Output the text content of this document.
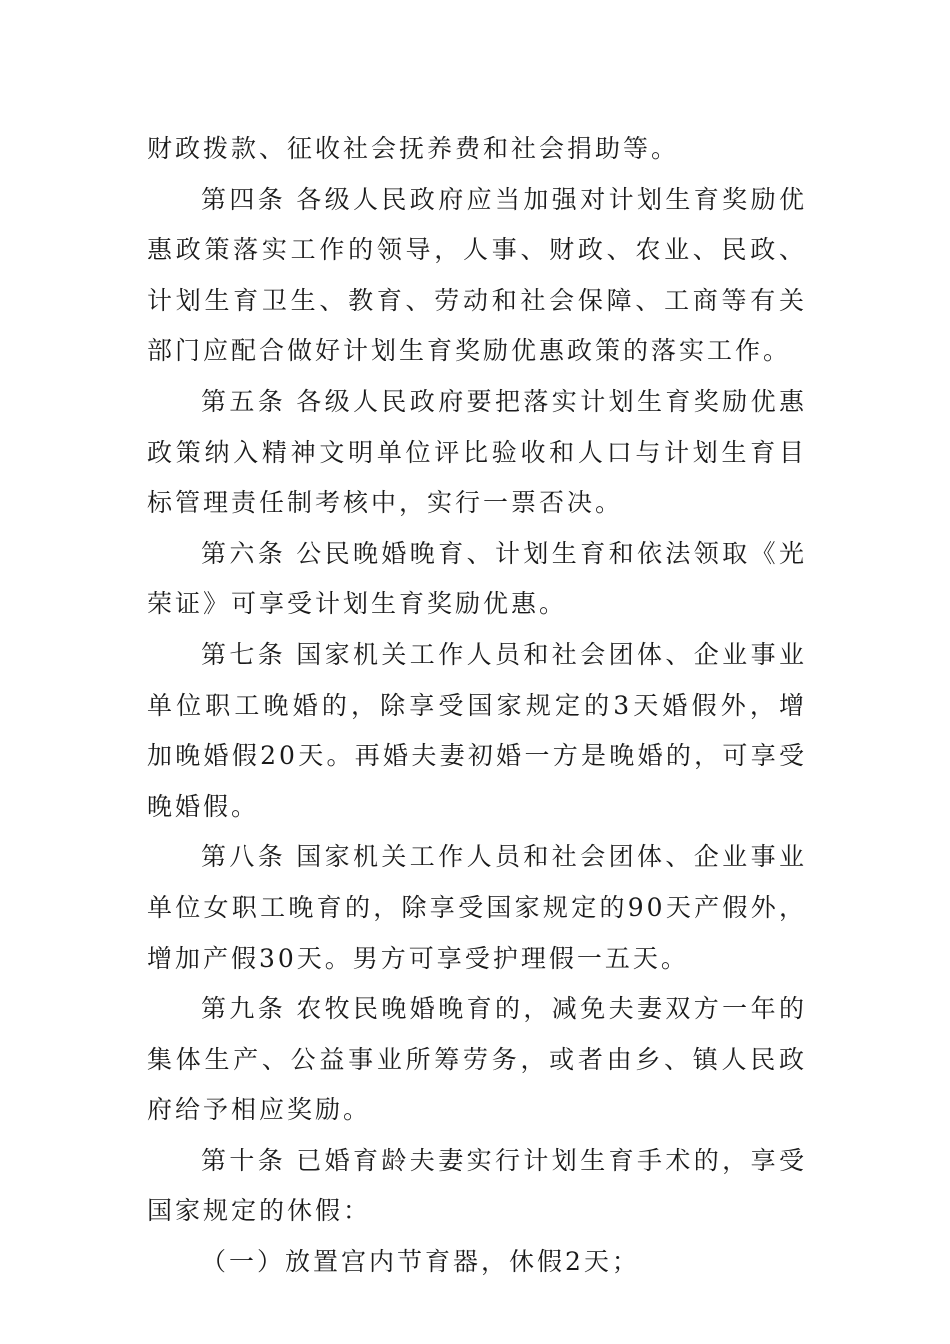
财政拨款、征收社会抚养费和社会捐助等。

第四条 各级人民政府应当加强对计划生育奖励优惠政策落实工作的领导，人事、财政、农业、民政、计划生育卫生、教育、劳动和社会保障、工商等有关部门应配合做好计划生育奖励优惠政策的落实工作。

第五条 各级人民政府要把落实计划生育奖励优惠政策纳入精神文明单位评比验收和人口与计划生育目标管理责任制考核中，实行一票否决。

第六条 公民晚婚晚育、计划生育和依法领取《光荣证》可享受计划生育奖励优惠。

第七条 国家机关工作人员和社会团体、企业事业单位职工晚婚的，除享受国家规定的3天婚假外，增加晚婚假20天。再婚夫妻初婚一方是晚婚的，可享受晚婚假。

第八条 国家机关工作人员和社会团体、企业事业单位女职工晚育的，除享受国家规定的90天产假外，增加产假30天。男方可享受护理假一五天。

第九条 农牧民晚婚晚育的，减免夫妻双方一年的集体生产、公益事业所筹劳务，或者由乡、镇人民政府给予相应奖励。

第十条 已婚育龄夫妻实行计划生育手术的，享受国家规定的休假：

（一）放置宫内节育器，休假2天；
